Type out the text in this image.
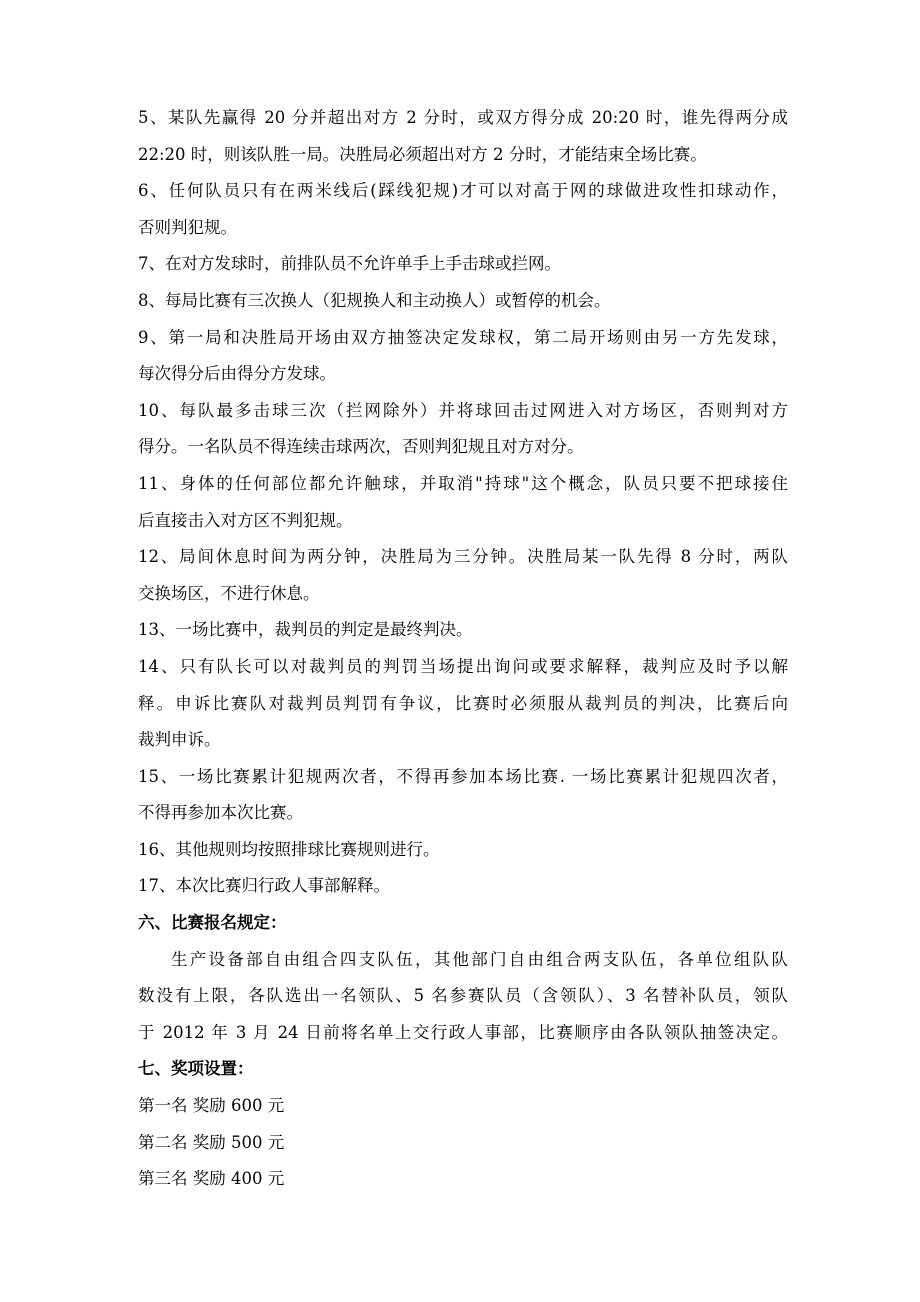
5、某队先赢得 20 分并超出对方 2 分时，或双方得分成 20:20 时，谁先得两分成
22:20 时，则该队胜一局。决胜局必须超出对方 2 分时，才能结束全场比赛。
6、任何队员只有在两米线后(踩线犯规)才可以对高于网的球做进攻性扣球动作，
否则判犯规。
7、在对方发球时，前排队员不允许单手上手击球或拦网。
8、每局比赛有三次换人（犯规换人和主动换人）或暂停的机会。
9、第一局和决胜局开场由双方抽签决定发球权，第二局开场则由另一方先发球，
每次得分后由得分方发球。
10、每队最多击球三次（拦网除外）并将球回击过网进入对方场区，否则判对方
得分。一名队员不得连续击球两次，否则判犯规且对方对分。
11、身体的任何部位都允许触球，并取消"持球"这个概念，队员只要不把球接住
后直接击入对方区不判犯规。
12、局间休息时间为两分钟，决胜局为三分钟。决胜局某一队先得 8 分时，两队
交换场区，不进行休息。
13、一场比赛中，裁判员的判定是最终判决。
14、只有队长可以对裁判员的判罚当场提出询问或要求解释，裁判应及时予以解
释。申诉比赛队对裁判员判罚有争议，比赛时必须服从裁判员的判决，比赛后向
裁判申诉。
15、一场比赛累计犯规两次者，不得再参加本场比赛. 一场比赛累计犯规四次者，
不得再参加本次比赛。
16、其他规则均按照排球比赛规则进行。
17、本次比赛归行政人事部解释。
六、比赛报名规定：
生产设备部自由组合四支队伍，其他部门自由组合两支队伍，各单位组队队
数没有上限，各队选出一名领队、5 名参赛队员（含领队）、3 名替补队员，领队
于 2012 年 3 月 24 日前将名单上交行政人事部，比赛顺序由各队领队抽签决定。
七、奖项设置：
第一名 奖励 600 元
第二名 奖励 500 元
第三名 奖励 400 元
